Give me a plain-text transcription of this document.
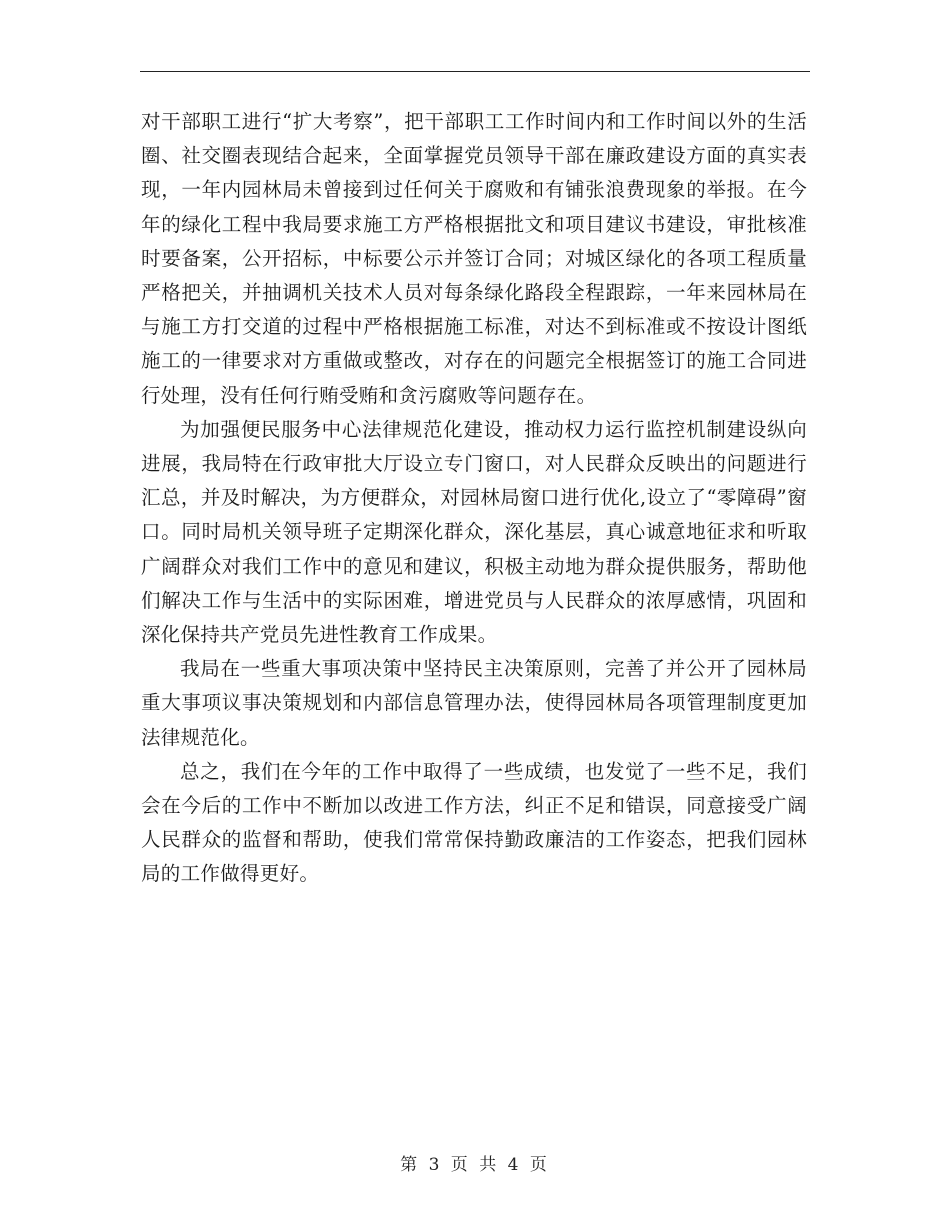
对干部职工进行“扩大考察”，把干部职工工作时间内和工作时间以外的生活圈、社交圈表现结合起来，全面掌握党员领导干部在廉政建设方面的真实表现，一年内园林局未曾接到过任何关于腐败和有铺张浪费现象的举报。在今年的绿化工程中我局要求施工方严格根据批文和项目建议书建设，审批核准时要备案，公开招标，中标要公示并签订合同；对城区绿化的各项工程质量严格把关，并抽调机关技术人员对每条绿化路段全程跟踪，一年来园林局在与施工方打交道的过程中严格根据施工标准，对达不到标准或不按设计图纸施工的一律要求对方重做或整改，对存在的问题完全根据签订的施工合同进行处理，没有任何行贿受贿和贪污腐败等问题存在。

为加强便民服务中心法律规范化建设，推动权力运行监控机制建设纵向进展，我局特在行政审批大厅设立专门窗口，对人民群众反映出的问题进行汇总，并及时解决，为方便群众，对园林局窗口进行优化,设立了“零障碍”窗口。同时局机关领导班子定期深化群众，深化基层，真心诚意地征求和听取广阔群众对我们工作中的意见和建议，积极主动地为群众提供服务，帮助他们解决工作与生活中的实际困难，增进党员与人民群众的浓厚感情，巩固和深化保持共产党员先进性教育工作成果。

我局在一些重大事项决策中坚持民主决策原则，完善了并公开了园林局重大事项议事决策规划和内部信息管理办法，使得园林局各项管理制度更加法律规范化。

总之，我们在今年的工作中取得了一些成绩，也发觉了一些不足，我们会在今后的工作中不断加以改进工作方法，纠正不足和错误，同意接受广阔人民群众的监督和帮助，使我们常常保持勤政廉洁的工作姿态，把我们园林局的工作做得更好。

第 3 页 共 4 页
